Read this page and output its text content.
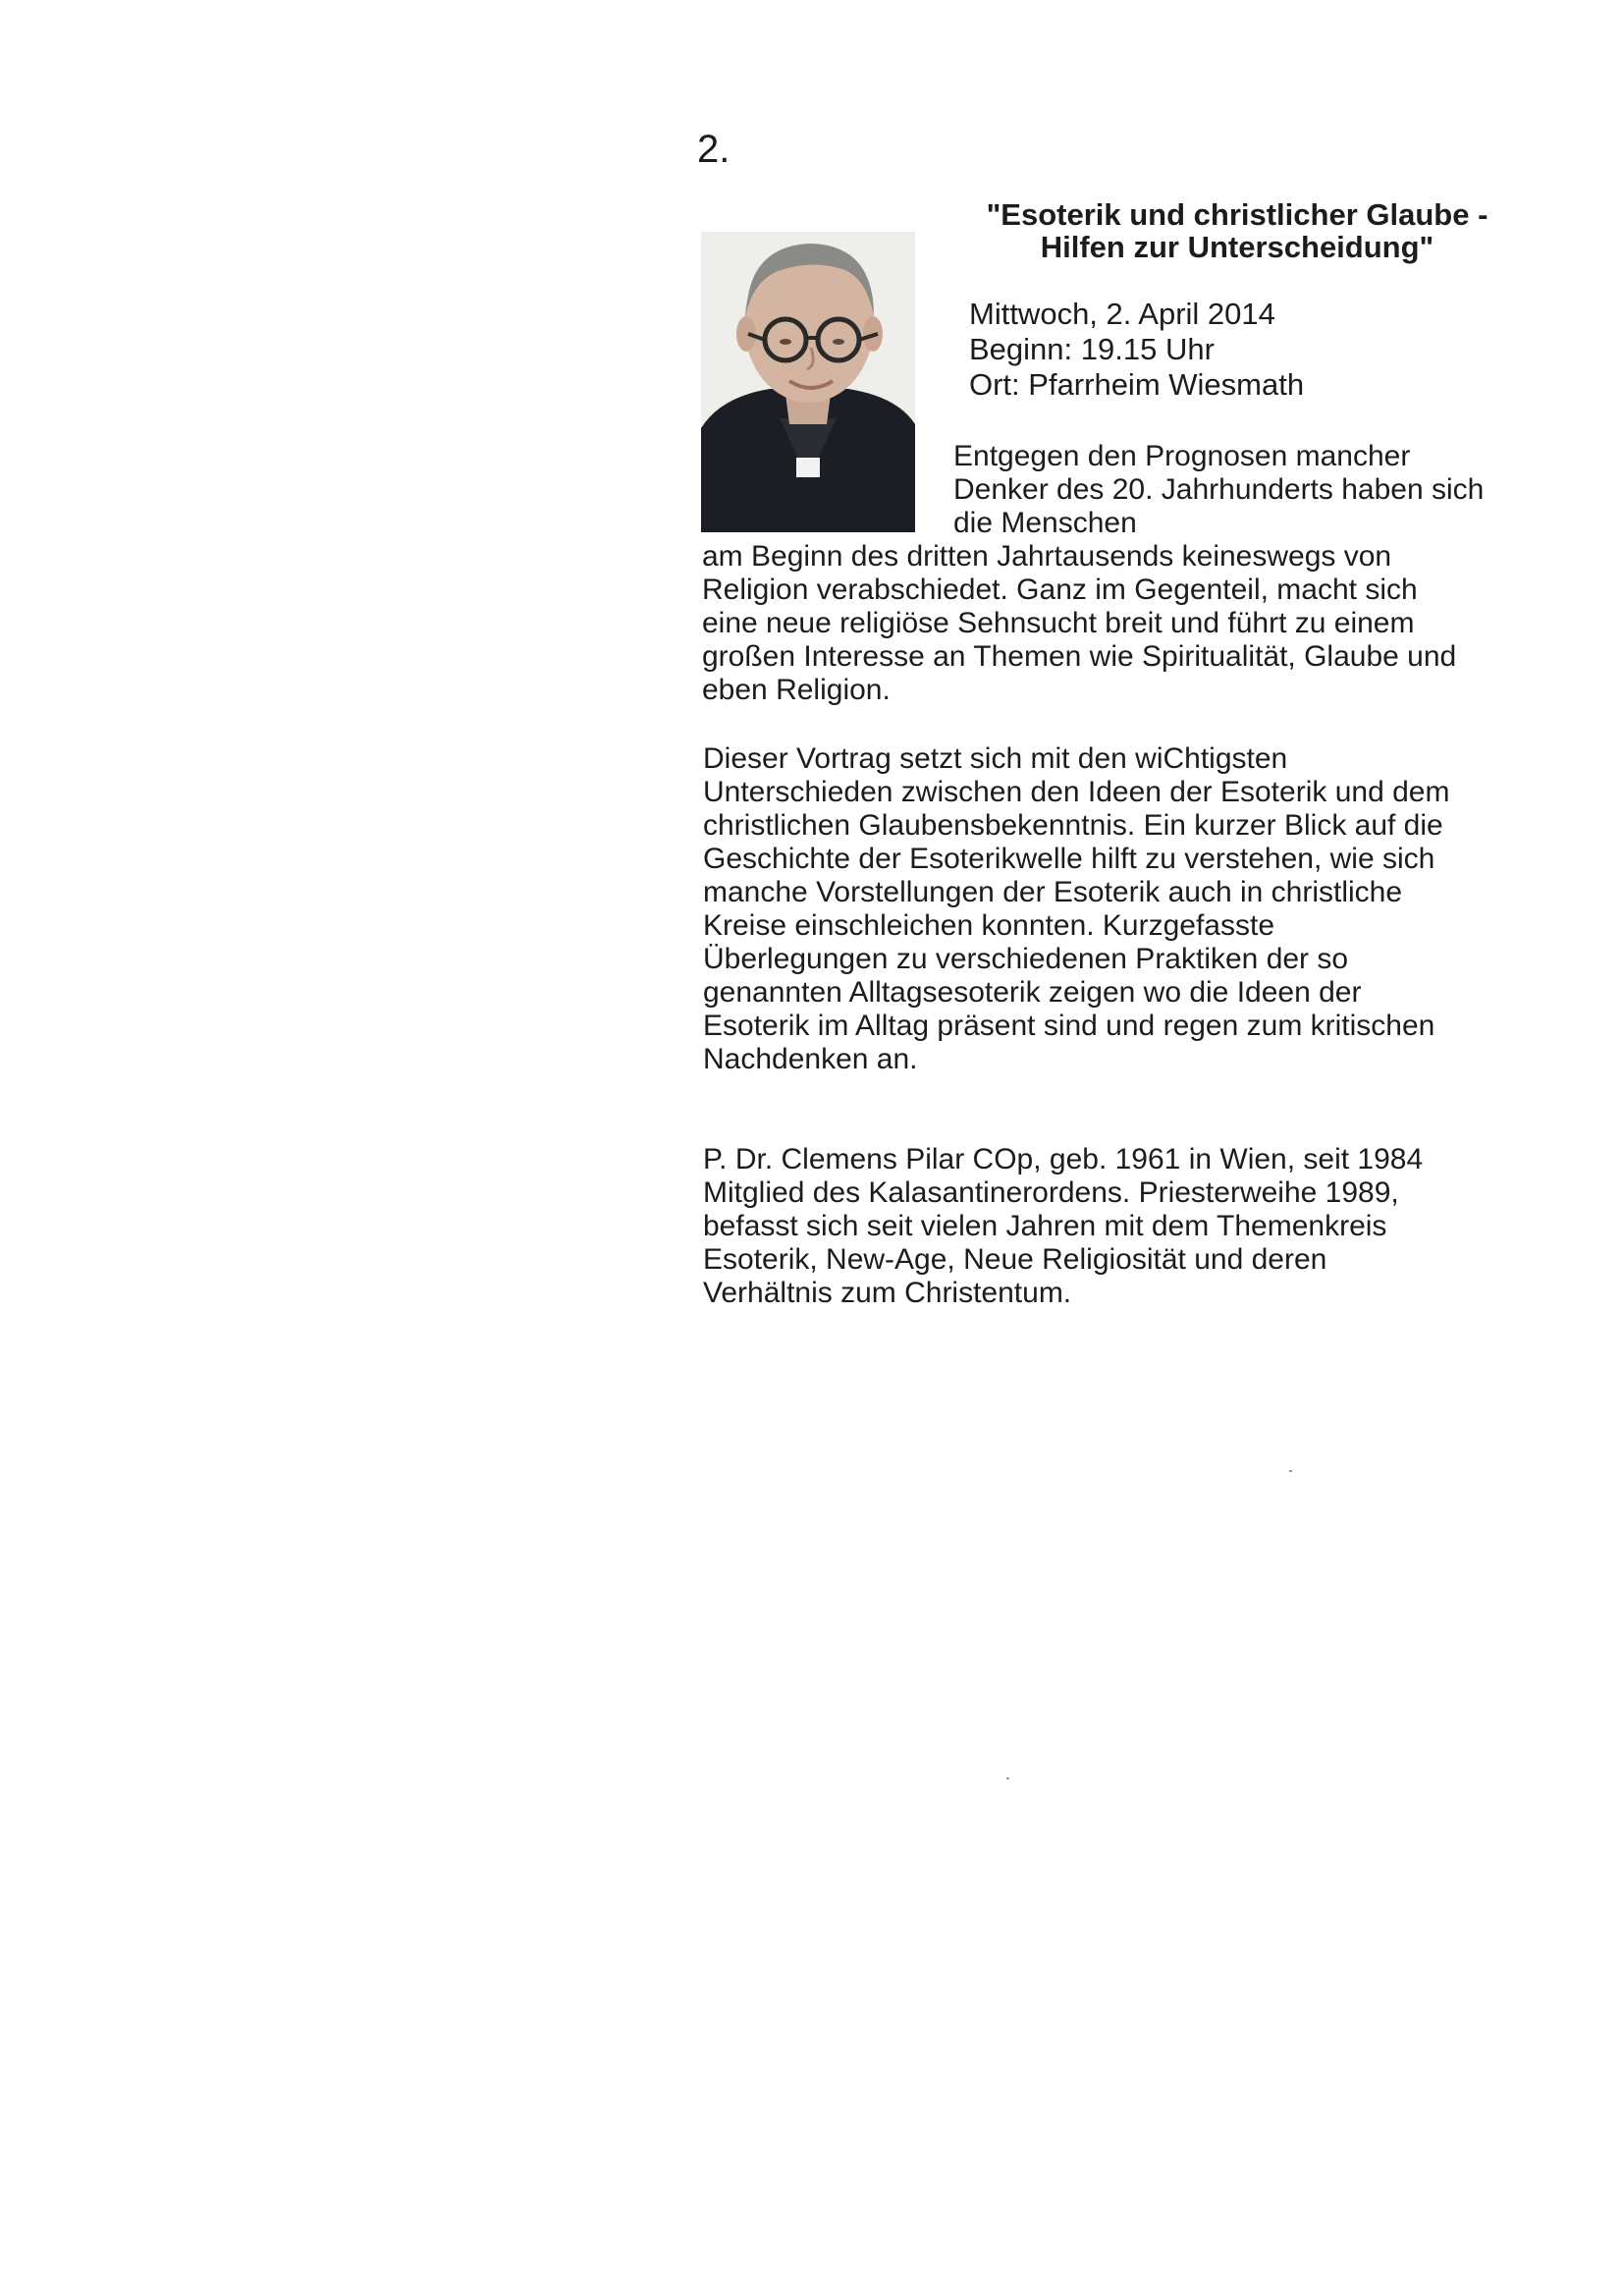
2.
"Esoterik und christlicher Glaube -
Hilfen zur Unterscheidung"
Mittwoch, 2. April 2014
Beginn: 19.15 Uhr
Ort: Pfarrheim Wiesmath
Entgegen den Prognosen mancher
Denker des 20. Jahrhunderts haben sich
die Menschen
am Beginn des dritten Jahrtausends keineswegs von
Religion verabschiedet. Ganz im Gegenteil, macht sich
eine neue religiöse Sehnsucht breit und führt zu einem
großen Interesse an Themen wie Spiritualität, Glaube und
eben Religion.
Dieser Vortrag setzt sich mit den wiChtigsten
Unterschieden zwischen den Ideen der Esoterik und dem
christlichen Glaubensbekenntnis. Ein kurzer Blick auf die
Geschichte der Esoterikwelle hilft zu verstehen, wie sich
manche Vorstellungen der Esoterik auch in christliche
Kreise einschleichen konnten. Kurzgefasste
Überlegungen zu verschiedenen Praktiken der so
genannten Alltagsesoterik zeigen wo die Ideen der
Esoterik im Alltag präsent sind und regen zum kritischen
Nachdenken an.
P. Dr. Clemens Pilar COp, geb. 1961 in Wien, seit 1984
Mitglied des Kalasantinerordens. Priesterweihe 1989,
befasst sich seit vielen Jahren mit dem Themenkreis
Esoterik, New-Age, Neue Religiosität und deren
Verhältnis zum Christentum.
